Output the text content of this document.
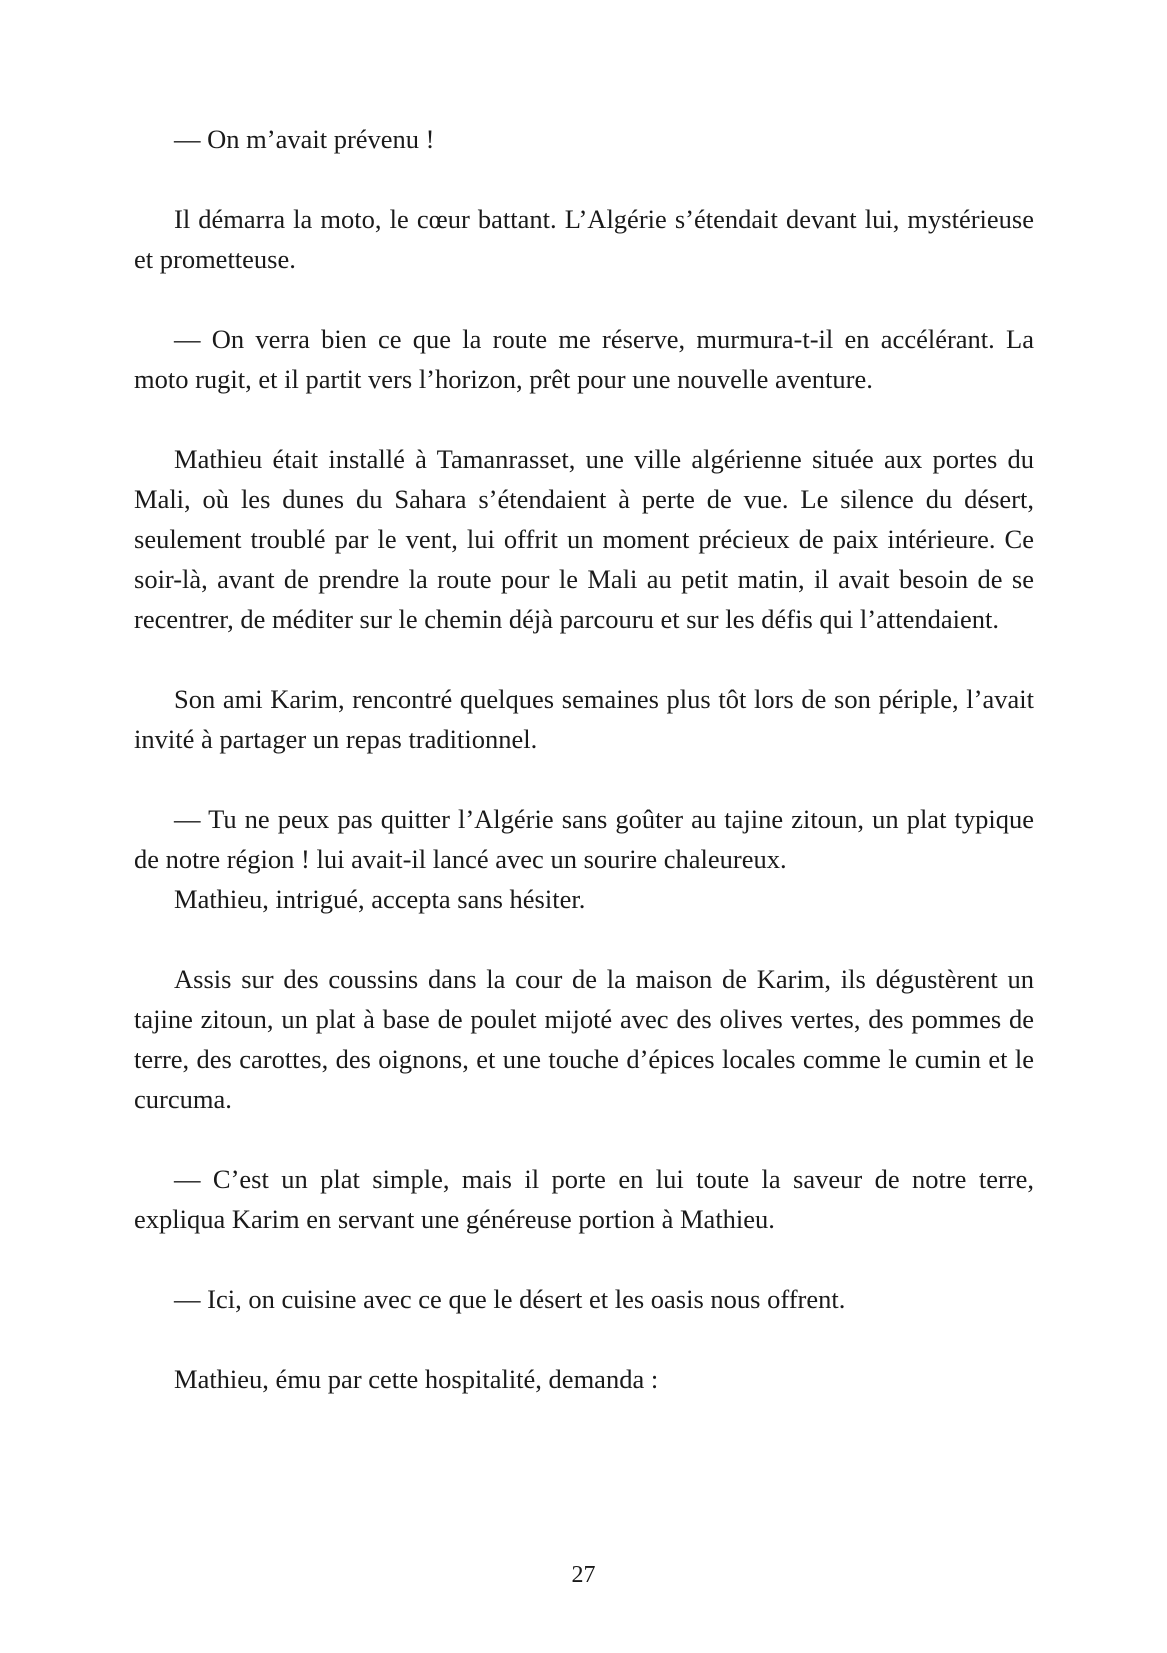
— On m’avait prévenu !

Il démarra la moto, le cœur battant. L’Algérie s’étendait devant lui, mystérieuse et prometteuse.

— On verra bien ce que la route me réserve, murmura-t-il en accélérant. La moto rugit, et il partit vers l’horizon, prêt pour une nouvelle aventure.

Mathieu était installé à Tamanrasset, une ville algérienne située aux portes du Mali, où les dunes du Sahara s’étendaient à perte de vue. Le silence du désert, seulement troublé par le vent, lui offrit un moment précieux de paix intérieure. Ce soir-là, avant de prendre la route pour le Mali au petit matin, il avait besoin de se recentrer, de méditer sur le chemin déjà parcouru et sur les défis qui l’attendaient.

Son ami Karim, rencontré quelques semaines plus tôt lors de son périple, l’avait invité à partager un repas traditionnel.

— Tu ne peux pas quitter l’Algérie sans goûter au tajine zitoun, un plat typique de notre région ! lui avait-il lancé avec un sourire chaleureux.

Mathieu, intrigué, accepta sans hésiter.

Assis sur des coussins dans la cour de la maison de Karim, ils dégustèrent un tajine zitoun, un plat à base de poulet mijoté avec des olives vertes, des pommes de terre, des carottes, des oignons, et une touche d’épices locales comme le cumin et le curcuma.

— C’est un plat simple, mais il porte en lui toute la saveur de notre terre, expliqua Karim en servant une généreuse portion à Mathieu.

— Ici, on cuisine avec ce que le désert et les oasis nous offrent.

Mathieu, ému par cette hospitalité, demanda :

27
